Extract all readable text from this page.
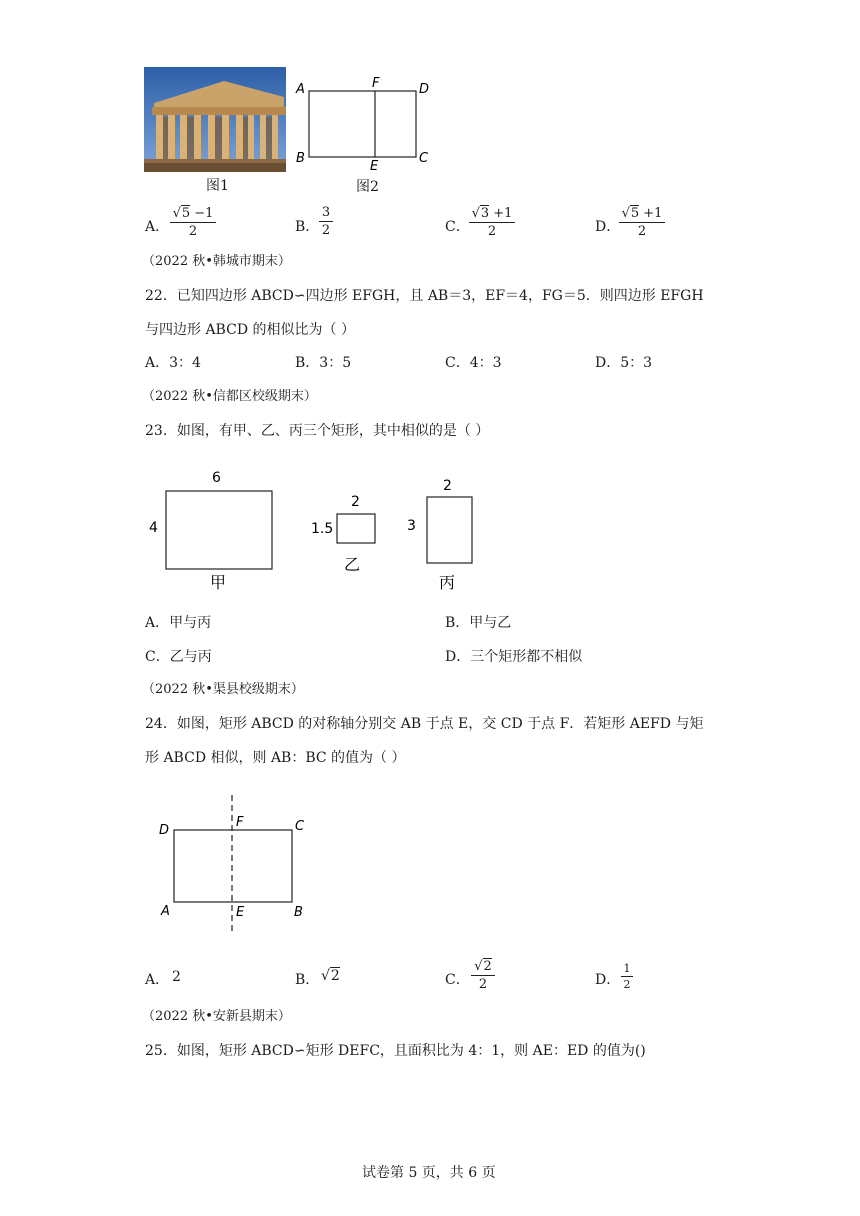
图1
A	F	D
B
E
C
图2
A．
√5 −1
2	B．
3
2	C．
√3 +1
2	D．
√5 +1
2
（2022 秋•韩城市期末）
22．已知四边形 ABCD∽四边形 EFGH，且 AB＝3，EF＝4，FG＝5．则四边形 EFGH
与四边形 ABCD 的相似比为（ ）
A．3：4	B．3：5	C．4：3	D．5：3
（2022 秋•信都区校级期末）
23．如图，有甲、乙、丙三个矩形，其中相似的是（ ）
6
4
甲
2
1.5
乙
2
3
丙
A．甲与丙	B．甲与乙
C．乙与丙	D．三个矩形都不相似
（2022 秋•渠县校级期末）
24．如图，矩形 ABCD 的对称轴分别交 AB 于点 E，交 CD 于点 F．若矩形 AEFD 与矩
形 ABCD 相似，则 AB：BC 的值为（ ）
D
F	C
A	E	B
A． 2	B． √2	C．
√2
2	D．
1
2
（2022 秋•安新县期末）
25．如图，矩形 ABCD∽矩形 DEFC，且面积比为 4：1，则 AE：ED 的值为()
试卷第 5 页，共 6 页
